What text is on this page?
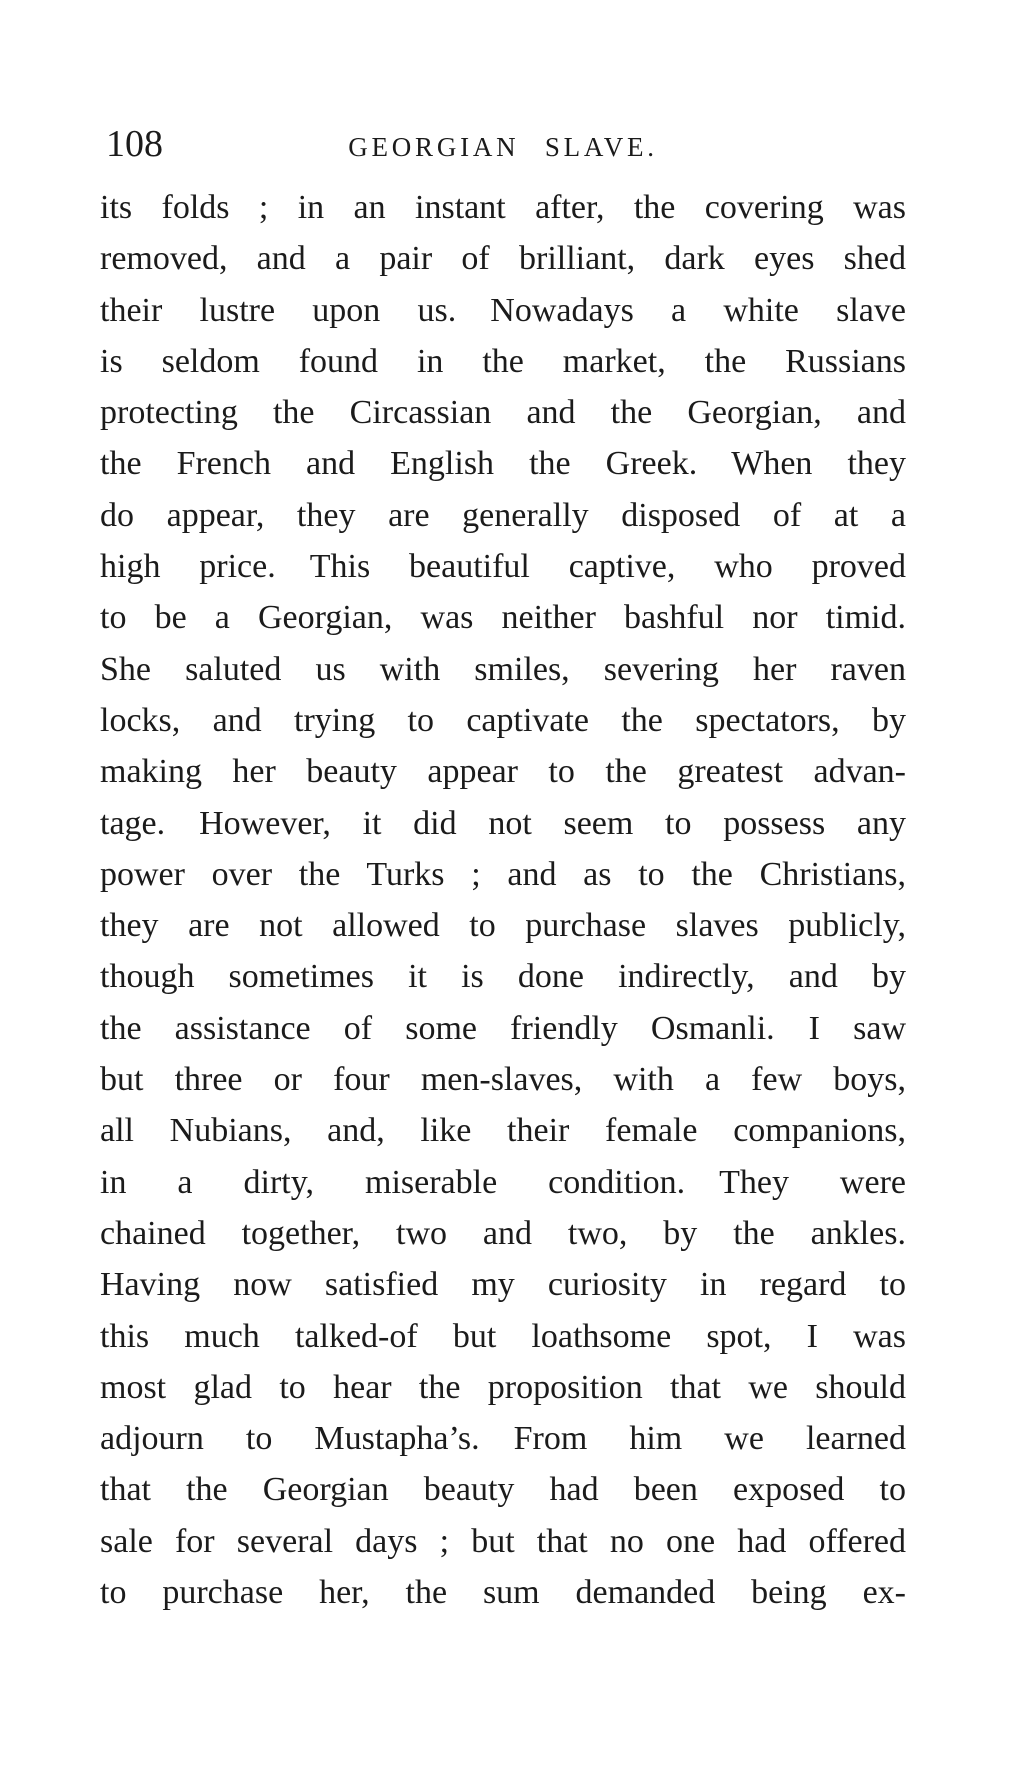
108	GEORGIAN SLAVE.
its folds ; in an instant after, the covering was
removed, and a pair of brilliant, dark eyes shed
their lustre upon us. Nowadays a white slave
is seldom found in the market, the Russians
protecting the Circassian and the Georgian, and
the French and English the Greek. When they
do appear, they are generally disposed of at a
high price. This beautiful captive, who proved
to be a Georgian, was neither bashful nor timid.
She saluted us with smiles, severing her raven
locks, and trying to captivate the spectators, by
making her beauty appear to the greatest advan-
tage. However, it did not seem to possess any
power over the Turks ; and as to the Christians,
they are not allowed to purchase slaves publicly,
though sometimes it is done indirectly, and by
the assistance of some friendly Osmanli. I saw
but three or four men-slaves, with a few boys,
all Nubians, and, like their female companions,
in a dirty, miserable condition. They were
chained together, two and two, by the ankles.
Having now satisfied my curiosity in regard to
this much talked-of but loathsome spot, I was
most glad to hear the proposition that we should
adjourn to Mustapha’s. From him we learned
that the Georgian beauty had been exposed to
sale for several days ; but that no one had offered
to purchase her, the sum demanded being ex-
